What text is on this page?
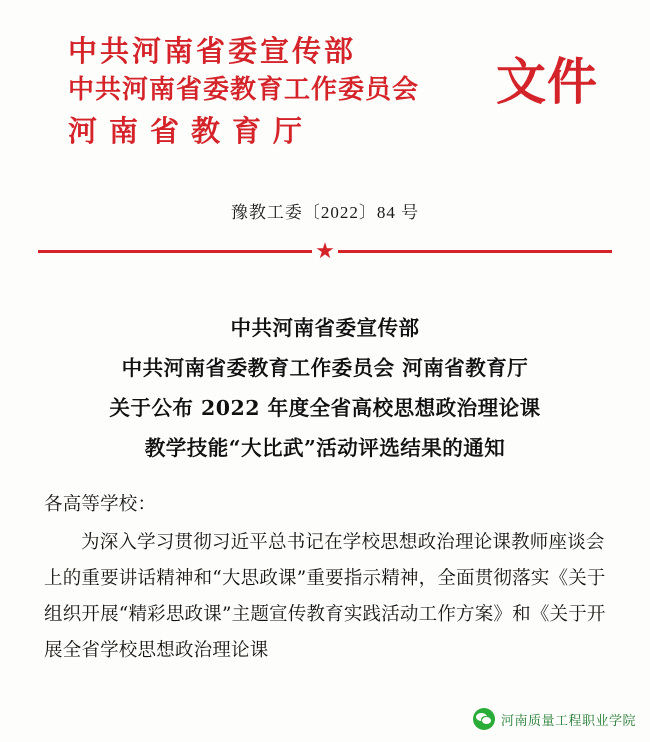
中共河南省委宣传部
中共河南省委教育工作委员会
河南省教育厅
文件
豫教工委〔2022〕84 号
★
中共河南省委宣传部
中共河南省委教育工作委员会 河南省教育厅
关于公布 2022 年度全省高校思想政治理论课
教学技能“大比武”活动评选结果的通知
各高等学校：

为深入学习贯彻习近平总书记在学校思想政治理论课教师座谈会上的重要讲话精神和“大思政课”重要指示精神，全面贯彻落实《关于组织开展“精彩思政课”主题宣传教育实践活动工作方案》和《关于开展全省学校思想政治理论课

河南质量工程职业学院
